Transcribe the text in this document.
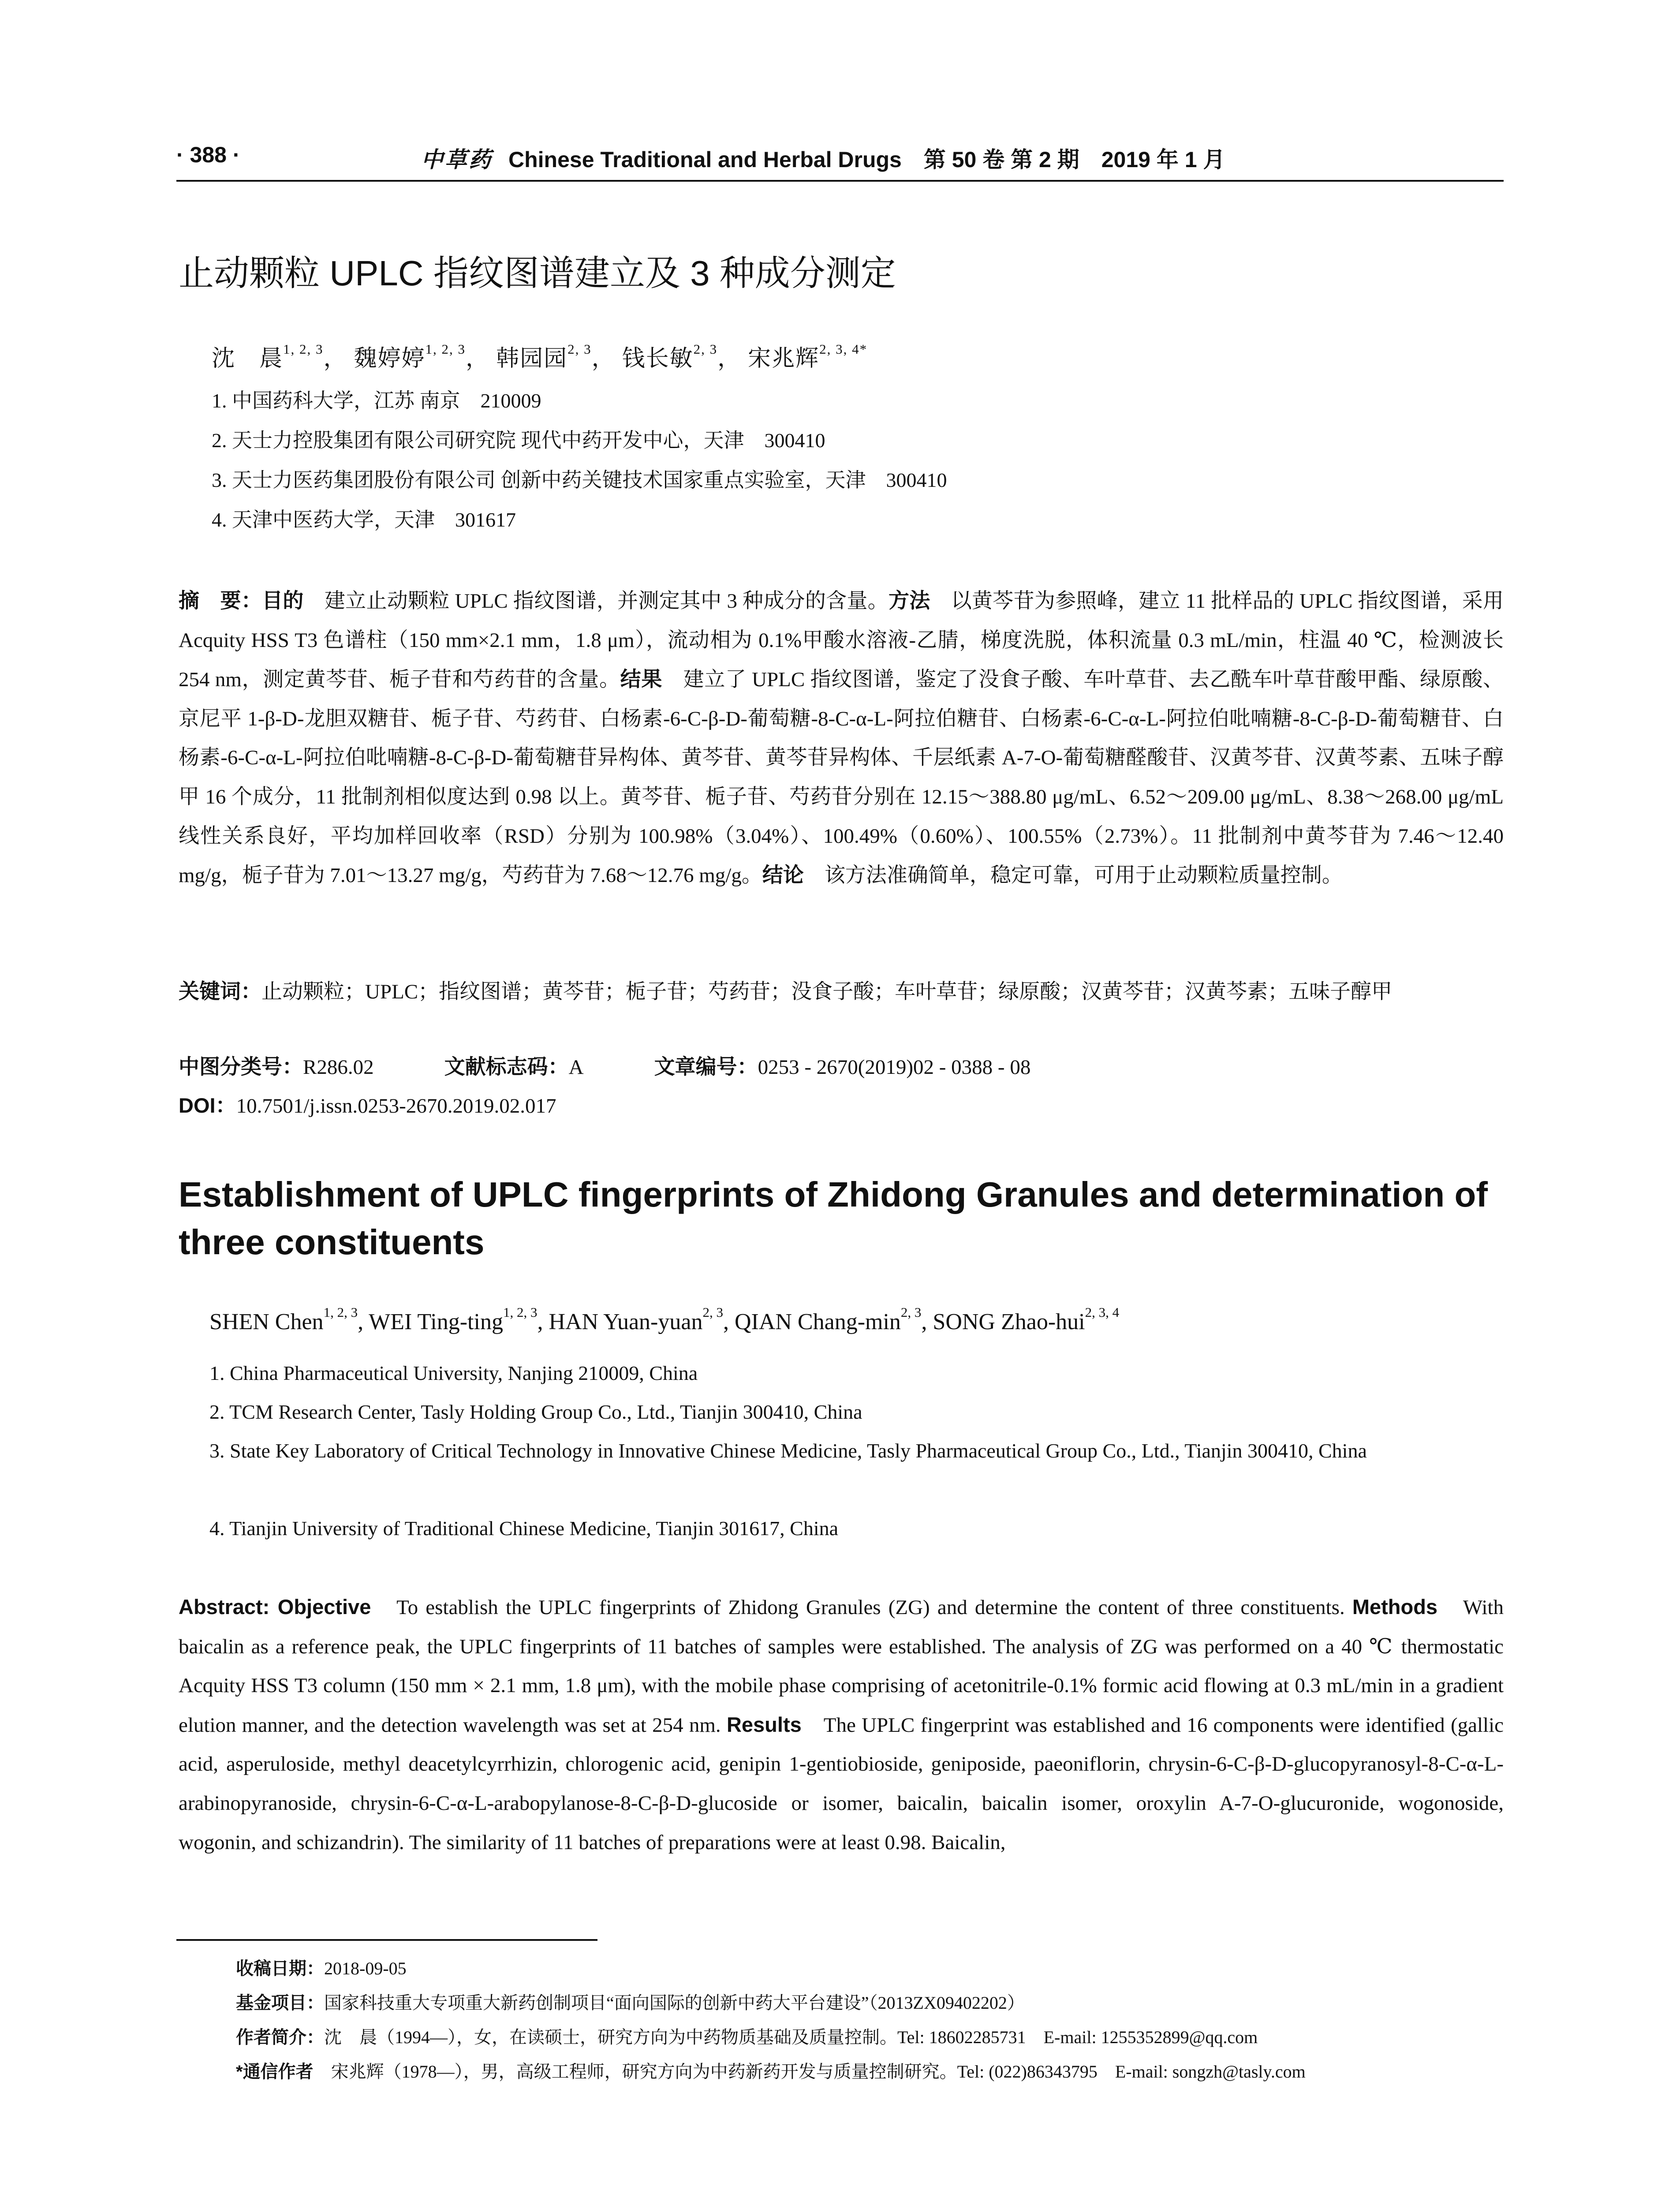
· 388 ·	中草药 Chinese Traditional and Herbal Drugs　第 50 卷 第 2 期　2019 年 1 月
止动颗粒 UPLC 指纹图谱建立及 3 种成分测定
沈　晨$^{1, 2, 3}$， 魏婷婷$^{1, 2, 3}$， 韩园园$^{2, 3}$， 钱长敏$^{2, 3}$， 宋兆辉$^{2, 3, 4*}$
1. 中国药科大学，江苏 南京　210009
2. 天士力控股集团有限公司研究院 现代中药开发中心，天津　300410
3. 天士力医药集团股份有限公司 创新中药关键技术国家重点实验室，天津　300410
4. 天津中医药大学，天津　301617
摘　要：目的　建立止动颗粒 UPLC 指纹图谱，并测定其中 3 种成分的含量。方法　以黄芩苷为参照峰，建立 11 批样品的 UPLC 指纹图谱，采用 Acquity HSS T3 色谱柱（150 mm×2.1 mm，1.8 μm），流动相为 0.1%甲酸水溶液-乙腈，梯度洗脱，体积流量 0.3 mL/min，柱温 40 ℃，检测波长 254 nm，测定黄芩苷、栀子苷和芍药苷的含量。结果　建立了 UPLC 指纹图谱，鉴定了没食子酸、车叶草苷、去乙酰车叶草苷酸甲酯、绿原酸、京尼平 1-β-D-龙胆双糖苷、栀子苷、芍药苷、白杨素-6-C-β-D-葡萄糖-8-C-α-L-阿拉伯糖苷、白杨素-6-C-α-L-阿拉伯吡喃糖-8-C-β-D-葡萄糖苷、白杨素-6-C-α-L-阿拉伯吡喃糖-8-C-β-D-葡萄糖苷异构体、黄芩苷、黄芩苷异构体、千层纸素 A-7-O-葡萄糖醛酸苷、汉黄芩苷、汉黄芩素、五味子醇甲 16 个成分，11 批制剂相似度达到 0.98 以上。黄芩苷、栀子苷、芍药苷分别在 12.15～388.80 μg/mL、6.52～209.00 μg/mL、8.38～268.00 μg/mL 线性关系良好，平均加样回收率（RSD）分别为 100.98%（3.04%）、100.49%（0.60%）、100.55%（2.73%）。11 批制剂中黄芩苷为 7.46～12.40 mg/g，栀子苷为 7.01～13.27 mg/g，芍药苷为 7.68～12.76 mg/g。结论　该方法准确简单，稳定可靠，可用于止动颗粒质量控制。
关键词：止动颗粒；UPLC；指纹图谱；黄芩苷；栀子苷；芍药苷；没食子酸；车叶草苷；绿原酸；汉黄芩苷；汉黄芩素；五味子醇甲
中图分类号：R286.02	文献标志码：A	文章编号：0253 - 2670(2019)02 - 0388 - 08
DOI：10.7501/j.issn.0253-2670.2019.02.017
Establishment of UPLC fingerprints of Zhidong Granules and determination of three constituents
SHEN Chen$^{1, 2, 3}$, WEI Ting-ting$^{1, 2, 3}$, HAN Yuan-yuan$^{2, 3}$, QIAN Chang-$\min^{2, 3}$, SONG Zhao-hui$^{2, 3, 4}$
1. China Pharmaceutical University, Nanjing 210009, China
2. TCM Research Center, Tasly Holding Group Co., Ltd., Tianjin 300410, China
3. State Key Laboratory of Critical Technology in Innovative Chinese Medicine, Tasly Pharmaceutical Group Co., Ltd., Tianjin 300410, China
4. Tianjin University of Traditional Chinese Medicine, Tianjin 301617, China
Abstract: Objective　To establish the UPLC fingerprints of Zhidong Granules (ZG) and determine the content of three constituents. Methods　With baicalin as a reference peak, the UPLC fingerprints of 11 batches of samples were established. The analysis of ZG was performed on a 40 ℃ thermostatic Acquity HSS T3 column (150 mm × 2.1 mm, 1.8 μm), with the mobile phase comprising of acetonitrile-0.1% formic acid flowing at 0.3 mL/min in a gradient elution manner, and the detection wavelength was set at 254 nm. Results　The UPLC fingerprint was established and 16 components were identified (gallic acid, asperuloside, methyl deacetylcyrrhizin, chlorogenic acid, genipin 1-gentiobioside, geniposide, paeoniflorin, chrysin-6-C-β-D-glucopyranosyl-8-C-α-L-arabinopyranoside, chrysin-6-C-α-L-arabopylanose-8-C-β-D-glucoside or isomer, baicalin, baicalin isomer, oroxylin A-7-O-glucuronide, wogonoside, wogonin, and schizandrin). The similarity of 11 batches of preparations were at least 0.98. Baicalin,
收稿日期：2018-09-05
基金项目：国家科技重大专项重大新药创制项目“面向国际的创新中药大平台建设”（2013ZX09402202）
作者简介：沈　晨（1994—），女，在读硕士，研究方向为中药物质基础及质量控制。Tel: 18602285731　E-mail: 1255352899@qq.com
*通信作者　宋兆辉（1978—），男，高级工程师，研究方向为中药新药开发与质量控制研究。Tel: (022)86343795　E-mail: songzh@tasly.com
